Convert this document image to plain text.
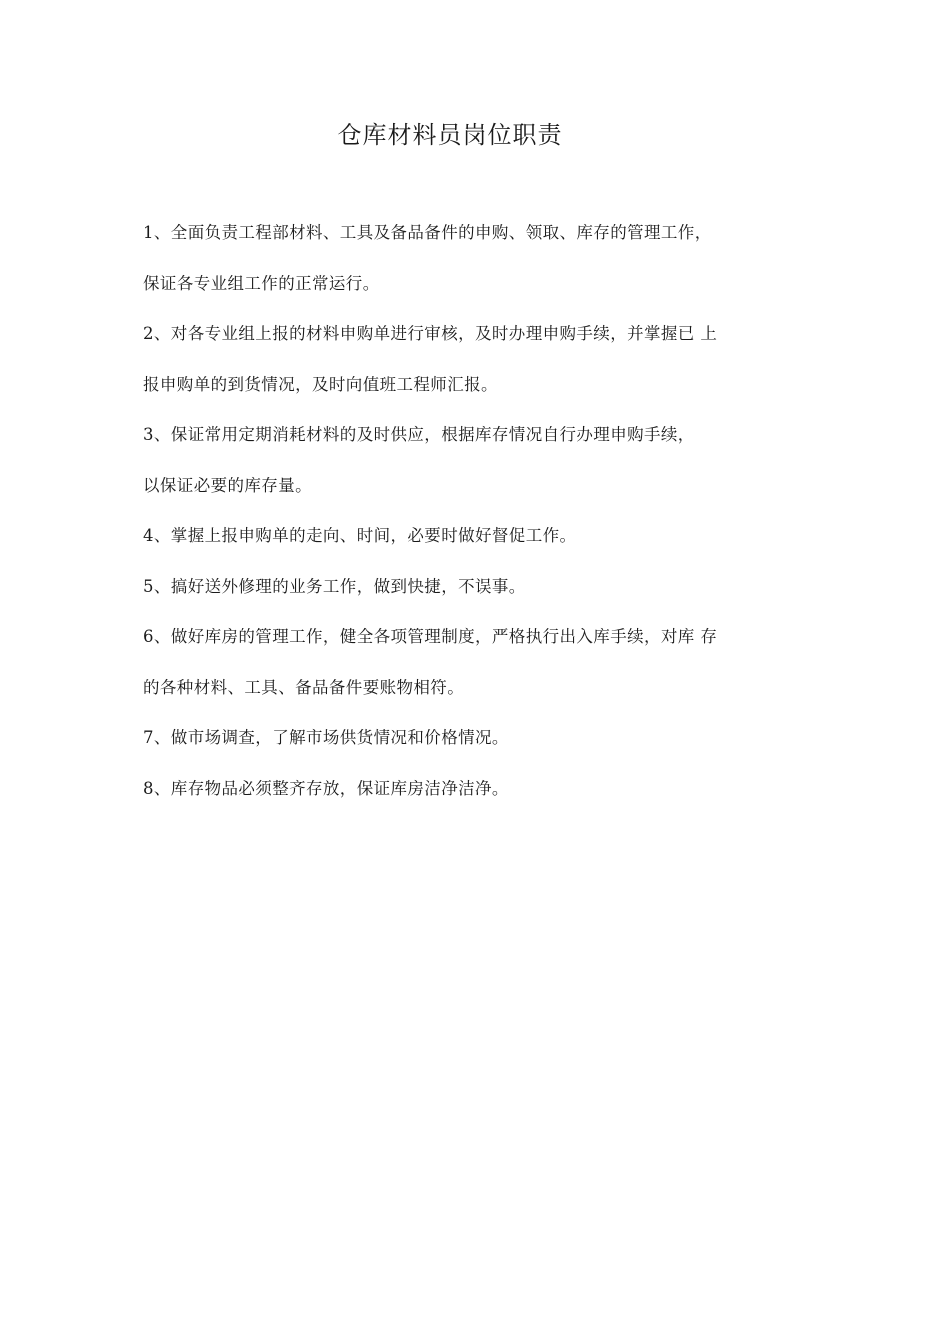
仓库材料员岗位职责
1、全面负责工程部材料、工具及备品备件的申购、领取、库存的管理工作，
保证各专业组工作的正常运行。
2、对各专业组上报的材料申购单进行审核，及时办理申购手续，并掌握已 上
报申购单的到货情况，及时向值班工程师汇报。
3、保证常用定期消耗材料的及时供应，根据库存情况自行办理申购手续，
以保证必要的库存量。
4、掌握上报申购单的走向、时间，必要时做好督促工作。
5、搞好送外修理的业务工作，做到快捷，不误事。
6、做好库房的管理工作，健全各项管理制度，严格执行出入库手续，对库 存
的各种材料、工具、备品备件要账物相符。
7、做市场调查，了解市场供货情况和价格情况。
8、库存物品必须整齐存放，保证库房洁净洁净。
